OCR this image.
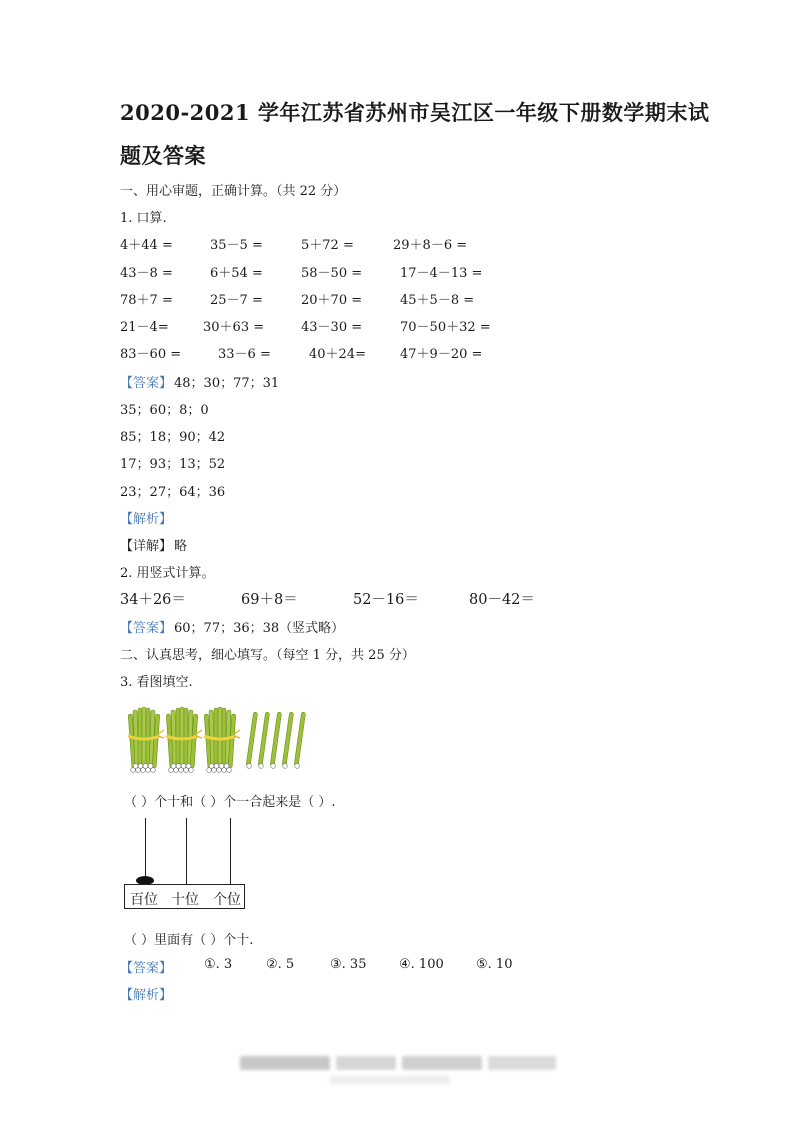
2020-2021 学年江苏省苏州市吴江区一年级下册数学期末试
题及答案
一、用心审题，正确计算。（共 22 分）
1. 口算.
4＋44 =	35－5 =	5＋72 =	29＋8－6 =
43－8 =	6＋54 =	58－50 =	17－4－13 =
78＋7 =	25－7 =	20＋70 =	45＋5－8 =
21－4=	30＋63 =	43－30 =	70－50＋32 =
83－60 =	33－6 =	40＋24=	47＋9－20 =
【答案】 48；30；77；31
35；60；8；0
85；18；90；42
17；93；13；52
23；27；64；36
【解析】
【详解】 略
2. 用竖式计算。
34＋26＝	69＋8＝	52－16＝	80－42＝
【答案】 60；77；36；38（竖式略）
二、认真思考，细心填写。（每空 1 分，共 25 分）
3. 看图填空.
（ ）个十和（ ）个一合起来是（ ）.
百位 十位 个位
（ ）里面有（ ）个十.
【答案】 ①. 3	②. 5	③. 35	④. 100 ⑤. 10
【解析】
